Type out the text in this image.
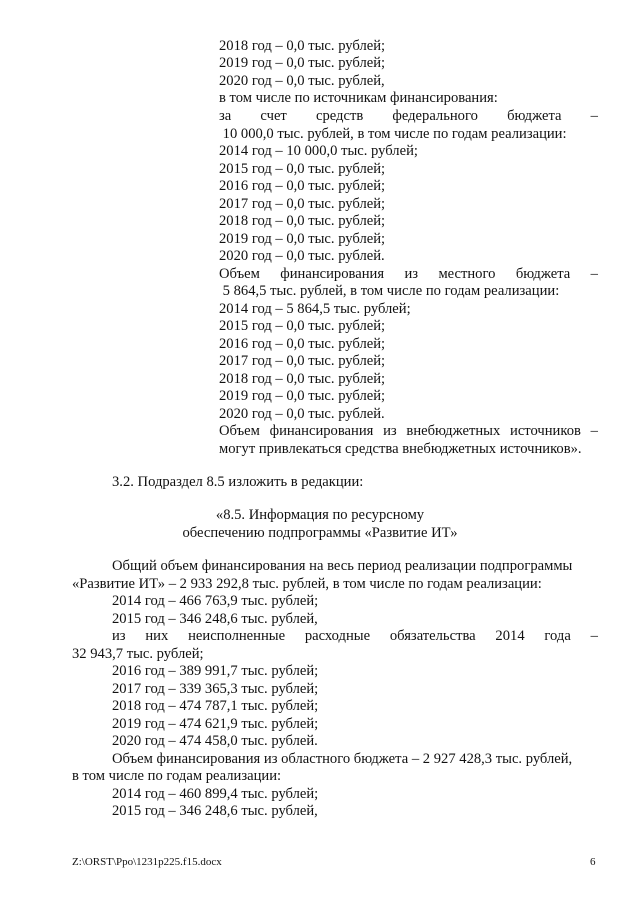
2018 год – 0,0 тыс. рублей;
2019 год – 0,0 тыс. рублей;
2020 год – 0,0 тыс. рублей,
в том числе по источникам финансирования:
за счет средств федерального бюджета –
10 000,0 тыс. рублей, в том числе по годам реализации:
2014 год – 10 000,0 тыс. рублей;
2015 год – 0,0 тыс. рублей;
2016 год – 0,0 тыс. рублей;
2017 год – 0,0 тыс. рублей;
2018 год – 0,0 тыс. рублей;
2019 год – 0,0 тыс. рублей;
2020 год – 0,0 тыс. рублей.
Объем финансирования из местного бюджета –
5 864,5 тыс. рублей, в том числе по годам реализации:
2014 год – 5 864,5 тыс. рублей;
2015 год – 0,0 тыс. рублей;
2016 год – 0,0 тыс. рублей;
2017 год – 0,0 тыс. рублей;
2018 год – 0,0 тыс. рублей;
2019 год – 0,0 тыс. рублей;
2020 год – 0,0 тыс. рублей.
Объем финансирования из внебюджетных источников –
могут привлекаться средства внебюджетных источников».
3.2. Подраздел 8.5 изложить в редакции:
«8.5. Информация по ресурсному
обеспечению подпрограммы «Развитие ИТ»
Общий объем финансирования на весь период реализации подпрограммы
«Развитие ИТ» – 2 933 292,8 тыс. рублей, в том числе по годам реализации:
2014 год – 466 763,9 тыс. рублей;
2015 год – 346 248,6 тыс. рублей,
из них неисполненные расходные обязательства 2014 года –
32 943,7 тыс. рублей;
2016 год – 389 991,7 тыс. рублей;
2017 год – 339 365,3 тыс. рублей;
2018 год – 474 787,1 тыс. рублей;
2019 год – 474 621,9 тыс. рублей;
2020 год – 474 458,0 тыс. рублей.
Объем финансирования из областного бюджета – 2 927 428,3 тыс. рублей,
в том числе по годам реализации:
2014 год – 460 899,4 тыс. рублей;
2015 год – 346 248,6 тыс. рублей,
Z:\ORST\Ppo\1231p225.f15.docx	6
